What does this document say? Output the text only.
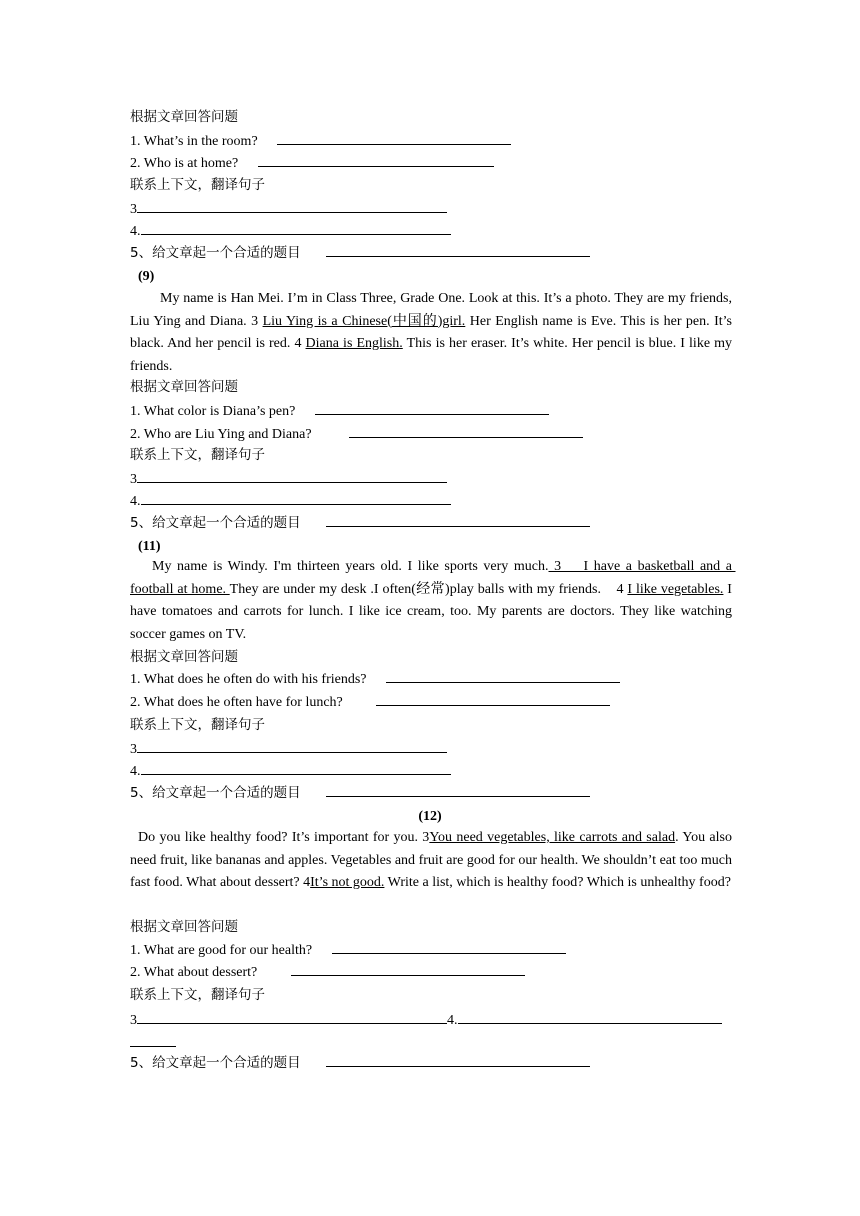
根据文章回答问题
1. What’s in the room?
2. Who is at home?
联系上下文，翻译句子
3
4.
5、给文章起一个合适的题目
(9)
My name is Han Mei. I’m in Class Three, Grade One. Look at this. It’s a photo. They are my friends, Liu Ying and Diana. 3 Liu Ying is a Chinese(中国的)girl. Her English name is Eve. This is her pen. It’s black. And her pencil is red. 4 Diana is English. This is her eraser. It’s white. Her pencil is blue. I like my friends.
根据文章回答问题
1. What color is Diana’s pen?
2. Who are Liu Ying and Diana?
联系上下文，翻译句子
3
4.
5、给文章起一个合适的题目
(11)
My name is Windy. I'm thirteen years old. I like sports very much. 3    I have a basketball and a football at home. They are under my desk .I often(经常)play balls with my friends.    4 I like vegetables. I have tomatoes and carrots for lunch. I like ice cream, too. My parents are doctors. They like watching soccer games on TV.
根据文章回答问题
1. What does he often do with his friends?
2. What does he often have for lunch?
联系上下文，翻译句子
3
4.
5、给文章起一个合适的题目
(12)
Do you like healthy food? It’s important for you. 3You need vegetables, like carrots and salad. You also need fruit, like bananas and apples. Vegetables and fruit are good for our health. We shouldn’t eat too much fast food. What about dessert? 4It’s not good. Write a list, which is healthy food? Which is unhealthy food?
根据文章回答问题
1. What are good for our health?
2. What about dessert?
联系上下文，翻译句子
3	4.
5、给文章起一个合适的题目
